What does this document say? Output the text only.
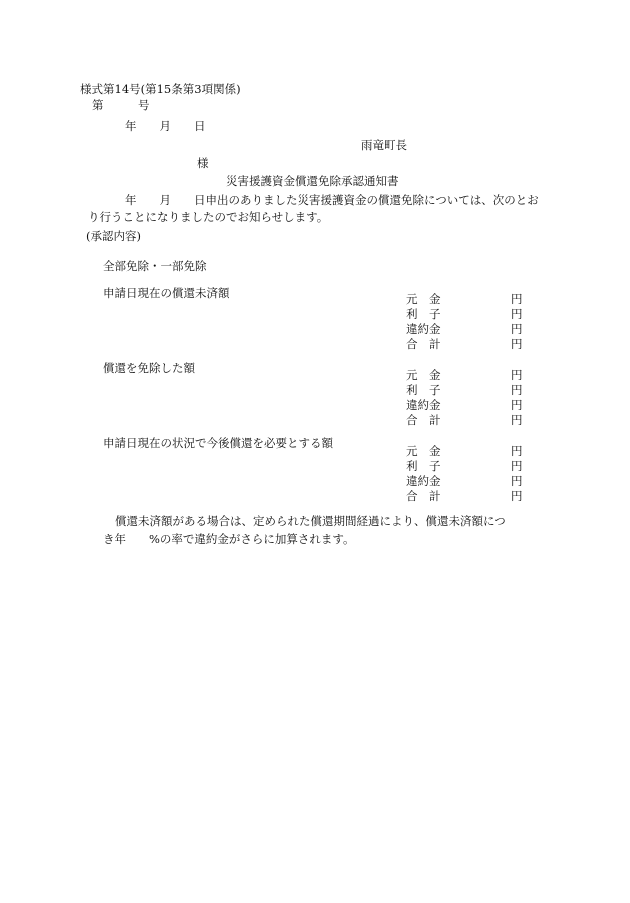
様式第14号(第15条第3項関係)

第　　　号

年　　月　　日

雨竜町長

様

災害援護資金償還免除承認通知書

年　　月　　日申出のありました災害援護資金の償還免除については、次のとお

り行うことになりましたのでお知らせします。

(承認内容)

全部免除・一部免除

申請日現在の償還未済額	元　金	円
利　子	円
違約金	円
合　計	円

償還を免除した額	元　金	円
利　子	円
違約金	円
合　計	円

申請日現在の状況で今後償還を必要とする額

元　金	円
利　子	円
違約金	円
合　計	円

償還未済額がある場合は、定められた償還期間経過により、償還未済額につ

き年　　%の率で違約金がさらに加算されます。
